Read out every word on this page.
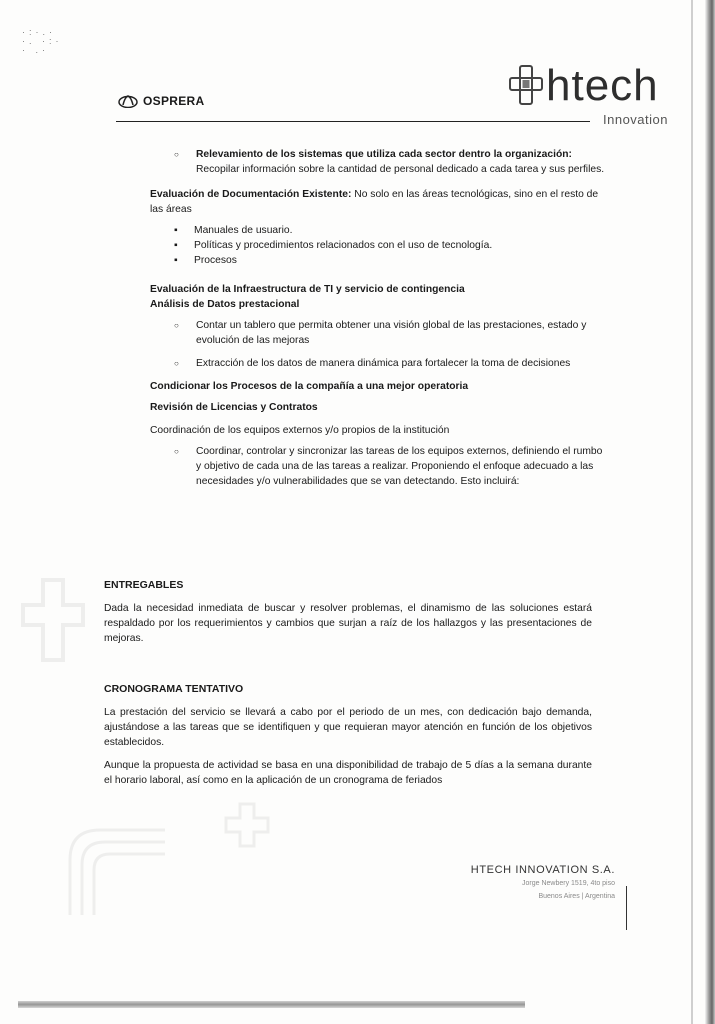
·:·.·
·. ·:·
· .·
OSPRERA	htech
Innovation
○ Relevamiento de los sistemas que utiliza cada sector dentro la organización: Recopilar información sobre la cantidad de personal dedicado a cada tarea y sus perfiles.

Evaluación de Documentación Existente: No solo en las áreas tecnológicas, sino en el resto de las áreas

▪ Manuales de usuario.
▪ Políticas y procedimientos relacionados con el uso de tecnología.
▪ Procesos

Evaluación de la Infraestructura de TI y servicio de contingencia

Análisis de Datos prestacional

○ Contar un tablero que permita obtener una visión global de las prestaciones, estado y evolución de las mejoras
○ Extracción de los datos de manera dinámica para fortalecer la toma de decisiones

Condicionar los Procesos de la compañía a una mejor operatoria

Revisión de Licencias y Contratos

Coordinación de los equipos externos y/o propios de la institución

○ Coordinar, controlar y sincronizar las tareas de los equipos externos, definiendo el rumbo y objetivo de cada una de las tareas a realizar. Proponiendo el enfoque adecuado a las necesidades y/o vulnerabilidades que se van detectando. Esto incluirá:
ENTREGABLES

Dada la necesidad inmediata de buscar y resolver problemas, el dinamismo de las soluciones estará respaldado por los requerimientos y cambios que surjan a raíz de los hallazgos y las presentaciones de mejoras.

CRONOGRAMA TENTATIVO

La prestación del servicio se llevará a cabo por el periodo de un mes, con dedicación bajo demanda, ajustándose a las tareas que se identifiquen y que requieran mayor atención en función de los objetivos establecidos.

Aunque la propuesta de actividad se basa en una disponibilidad de trabajo de 5 días a la semana durante el horario laboral, así como en la aplicación de un cronograma de feriados

HTECH INNOVATION S.A.
Jorge Newbery 1519, 4to piso
Buenos Aires | Argentina
